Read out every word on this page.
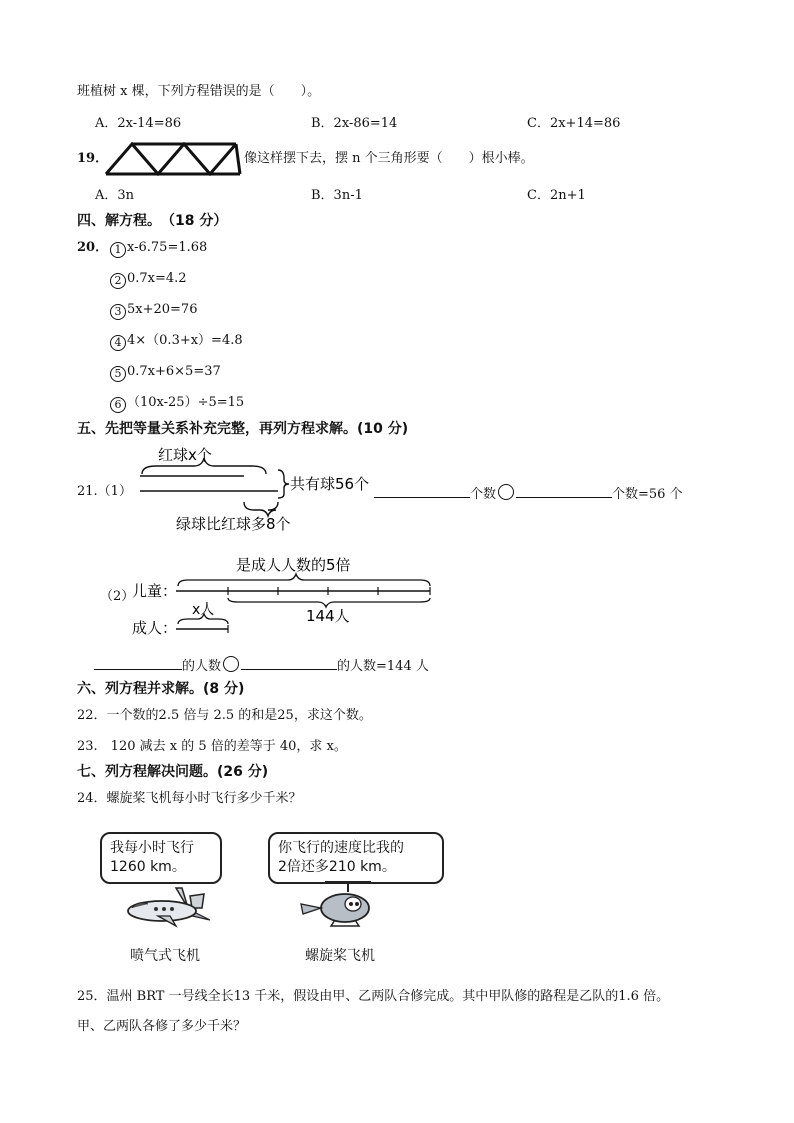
班植树 x 棵，下列方程错误的是（　　）。
A．2x-14=86	B．2x-86=14	C．2x+14=86
19．	像这样摆下去，摆 n 个三角形要（　　）根小棒。
A．3n	B．3n-1	C．2n+1
四、解方程。　（18 分）
20． 1 x-6.75=1.68
2 0.7x=4.2
3 5x+20=76
4 4×（0.3+x）=4.8
5 0.7x+6×5=37
6 （10x-25）÷5=15
五、先把等量关系补充完整，再列方程求解。(10 分)
21.（1）
红球x个
共有球56个
绿球比红球多8个
个数	个数=56 个
（2）
儿童：
成人：
是成人人数的5倍
144人
x人
的人数	的人数=144 人
六、列方程并求解。(8 分)
22．一个数的2.5 倍与 2.5 的和是25，求这个数。
23.　120 减去 x 的 5 倍的差等于 40，求 x。
七、列方程解决问题。(26 分)
24．螺旋桨飞机每小时飞行多少千米？
我每小时飞行
1260 km。
你飞行的速度比我的
2倍还多210 km。
喷气式飞机	螺旋桨飞机
25．温州 BRT 一号线全长13 千米，假设由甲、乙两队合修完成。其中甲队修的路程是乙队的1.6 倍。
甲、乙两队各修了多少千米？
